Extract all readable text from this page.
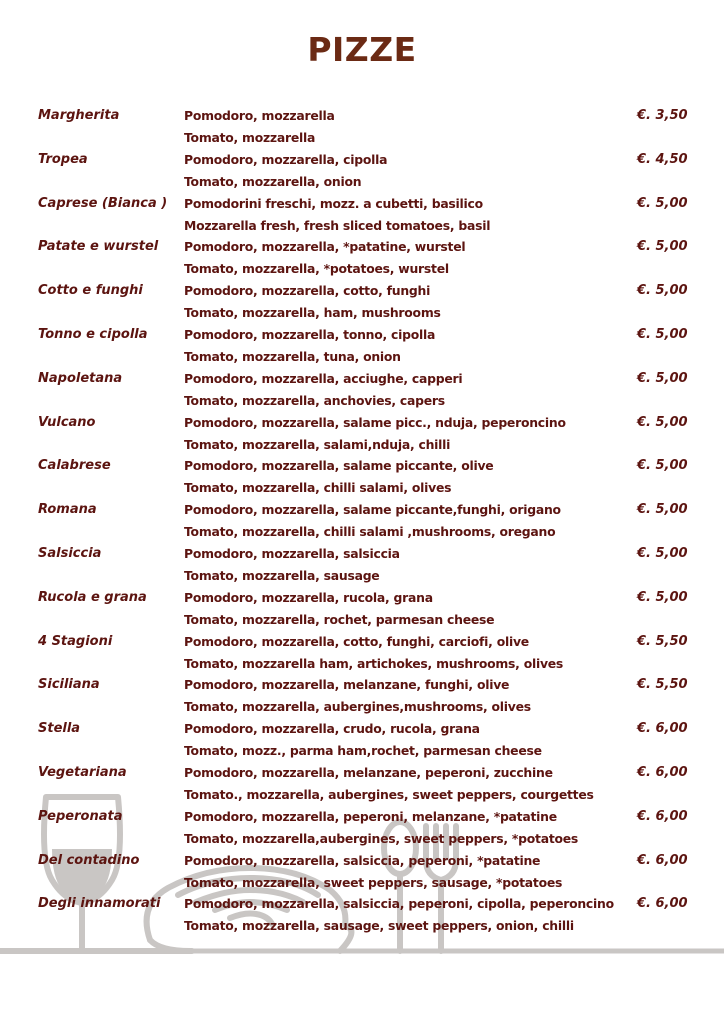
PIZZE
Margherita	Pomodoro, mozzarella
Tomato, mozzarella
€. 3,50
Tropea	Pomodoro, mozzarella, cipolla
Tomato, mozzarella, onion
€. 4,50
Caprese (Bianca ) Pomodorini freschi, mozz. a cubetti, basilico
Mozzarella fresh, fresh sliced tomatoes, basil
€. 5,00
Patate e wurstel Pomodoro, mozzarella, *patatine, wurstel
Tomato, mozzarella, *potatoes, wurstel
€. 5,00
Cotto e funghi	Pomodoro, mozzarella, cotto, funghi
Tomato, mozzarella, ham, mushrooms
€. 5,00
Tonno e cipolla	Pomodoro, mozzarella, tonno, cipolla
Tomato, mozzarella, tuna, onion
€. 5,00
Napoletana	Pomodoro, mozzarella, acciughe, capperi
Tomato, mozzarella, anchovies, capers
€. 5,00
Vulcano	Pomodoro, mozzarella, salame picc., nduja, peperoncino
Tomato, mozzarella, salami,nduja, chilli
€. 5,00
Calabrese	Pomodoro, mozzarella, salame piccante, olive
Tomato, mozzarella, chilli salami, olives
€. 5,00
Romana	Pomodoro, mozzarella, salame piccante,funghi, origano
Tomato, mozzarella, chilli salami ,mushrooms, oregano
€. 5,00
Salsiccia	Pomodoro, mozzarella, salsiccia
Tomato, mozzarella, sausage
€. 5,00
Rucola e grana	Pomodoro, mozzarella, rucola, grana
Tomato, mozzarella, rochet, parmesan cheese
€. 5,00
4 Stagioni	Pomodoro, mozzarella, cotto, funghi, carciofi, olive
Tomato, mozzarella ham, artichokes, mushrooms, olives
€. 5,50
Siciliana	Pomodoro, mozzarella, melanzane, funghi, olive
Tomato, mozzarella, aubergines,mushrooms, olives
€. 5,50
Stella	Pomodoro, mozzarella, crudo, rucola, grana
Tomato, mozz., parma ham,rochet, parmesan cheese
€. 6,00
Vegetariana	Pomodoro, mozzarella, melanzane, peperoni, zucchine
Tomato., mozzarella, aubergines, sweet peppers, courgettes
€. 6,00
Peperonata	Pomodoro, mozzarella, peperoni, melanzane, *patatine
Tomato, mozzarella,aubergines, sweet peppers, *potatoes
€. 6,00
Del contadino	Pomodoro, mozzarella, salsiccia, peperoni, *patatine
Tomato, mozzarella, sweet peppers, sausage, *potatoes
€. 6,00
Degli innamorati Pomodoro, mozzarella, salsiccia, peperoni, cipolla, peperoncino
Tomato, mozzarella, sausage, sweet peppers, onion, chilli
€. 6,00
